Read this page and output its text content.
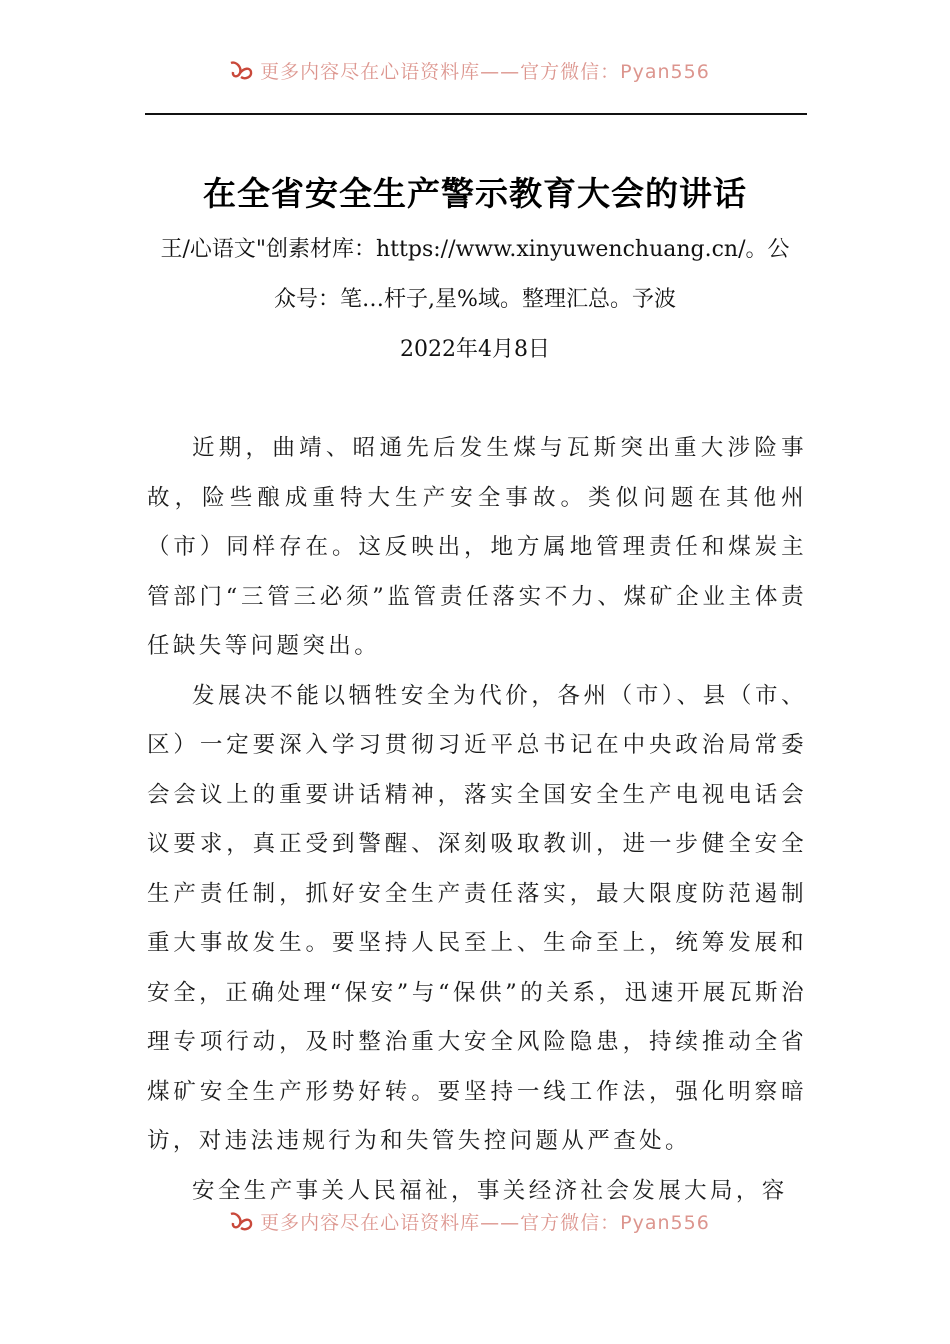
更多内容尽在心语资料库——官方微信：Pyan556
在全省安全生产警示教育大会的讲话
王/心语文"创素材库：https://www.xinyuwenchuang.cn/。公
众号：笔…杆子,星%域。整理汇总。予波
2022年4月8日

近期，曲靖、昭通先后发生煤与瓦斯突出重大涉险事故，险些酿成重特大生产安全事故。类似问题在其他州（市）同样存在。这反映出，地方属地管理责任和煤炭主管部门“三管三必须”监管责任落实不力、煤矿企业主体责任缺失等问题突出。

发展决不能以牺牲安全为代价，各州（市）、县（市、区）一定要深入学习贯彻习近平总书记在中央政治局常委会会议上的重要讲话精神，落实全国安全生产电视电话会议要求，真正受到警醒、深刻吸取教训，进一步健全安全生产责任制，抓好安全生产责任落实，最大限度防范遏制重大事故发生。要坚持人民至上、生命至上，统筹发展和安全，正确处理“保安”与“保供”的关系，迅速开展瓦斯治理专项行动，及时整治重大安全风险隐患，持续推动全省煤矿安全生产形势好转。要坚持一线工作法，强化明察暗访，对违法违规行为和失管失控问题从严查处。

安全生产事关人民福祉，事关经济社会发展大局，容

更多内容尽在心语资料库——官方微信：Pyan556
